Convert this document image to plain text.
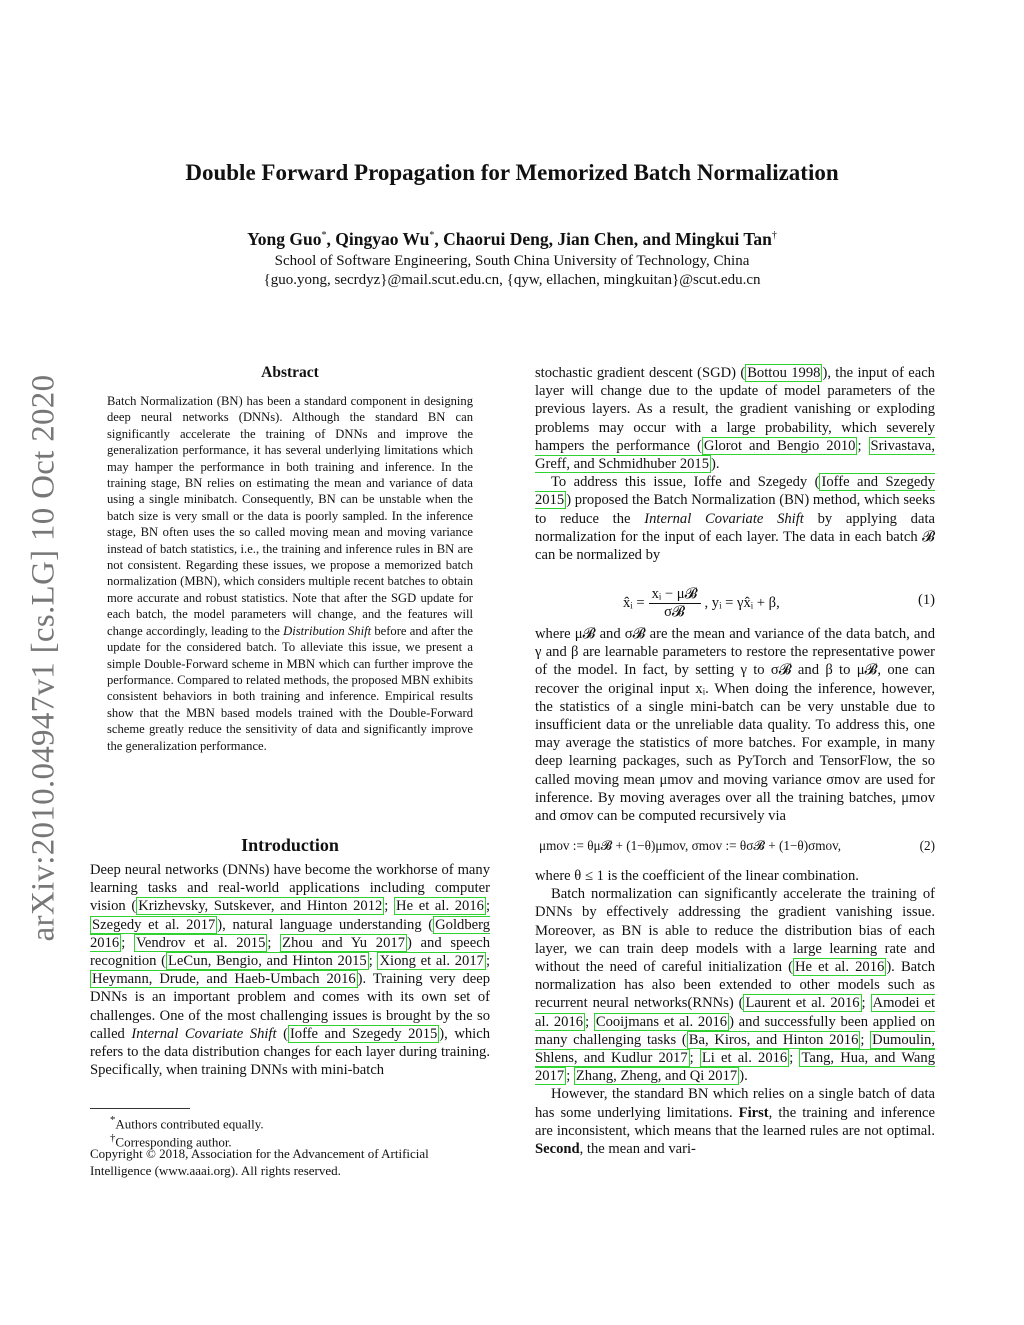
arXiv:2010.04947v1 [cs.LG] 10 Oct 2020
Double Forward Propagation for Memorized Batch Normalization
Yong Guo*, Qingyao Wu*, Chaorui Deng, Jian Chen, and Mingkui Tan†
School of Software Engineering, South China University of Technology, China
{guo.yong, secrdyz}@mail.scut.edu.cn, {qyw, ellachen, mingkuitan}@scut.edu.cn
Abstract
Batch Normalization (BN) has been a standard component in designing deep neural networks (DNNs). Although the standard BN can significantly accelerate the training of DNNs and improve the generalization performance, it has several underlying limitations which may hamper the performance in both training and inference. In the training stage, BN relies on estimating the mean and variance of data using a single minibatch. Consequently, BN can be unstable when the batch size is very small or the data is poorly sampled. In the inference stage, BN often uses the so called moving mean and moving variance instead of batch statistics, i.e., the training and inference rules in BN are not consistent. Regarding these issues, we propose a memorized batch normalization (MBN), which considers multiple recent batches to obtain more accurate and robust statistics. Note that after the SGD update for each batch, the model parameters will change, and the features will change accordingly, leading to the Distribution Shift before and after the update for the considered batch. To alleviate this issue, we present a simple Double-Forward scheme in MBN which can further improve the performance. Compared to related methods, the proposed MBN exhibits consistent behaviors in both training and inference. Empirical results show that the MBN based models trained with the Double-Forward scheme greatly reduce the sensitivity of data and significantly improve the generalization performance.
Introduction
Deep neural networks (DNNs) have become the workhorse of many learning tasks and real-world applications including computer vision ( Krizhevsky, Sutskever, and Hinton 2012 ; He et al. 2016 ; Szegedy et al. 2017 ), natural language understanding ( Goldberg 2016 ; Vendrov et al. 2015 ; Zhou and Yu 2017 ) and speech recognition ( LeCun, Bengio, and Hinton 2015 ; Xiong et al. 2017 ; Heymann, Drude, and Haeb-Umbach 2016 ). Training very deep DNNs is an important problem and comes with its own set of challenges. One of the most challenging issues is brought by the so called Internal Covariate Shift ( Ioffe and Szegedy 2015 ), which refers to the data distribution changes for each layer during training. Specifically, when training DNNs with mini-batch
*Authors contributed equally.
†Corresponding author.
Copyright © 2018, Association for the Advancement of Artificial Intelligence (www.aaai.org). All rights reserved.

stochastic gradient descent (SGD) ( Bottou 1998 ), the input of each layer will change due to the update of model parameters of the previous layers. As a result, the gradient vanishing or exploding problems may occur with a large probability, which severely hampers the performance ( Glorot and Bengio 2010 ; Srivastava, Greff, and Schmidhuber 2015 ).

To address this issue, Ioffe and Szegedy ( Ioffe and Szegedy 2015 ) proposed the Batch Normalization (BN) method, which seeks to reduce the Internal Covariate Shift by applying data normalization for the input of each layer. The data in each batch 𝓑 can be normalized by

x̂ᵢ = $\frac{\text{xᵢ − μ𝓑}}{\text{σ𝓑}}$ , yᵢ = γx̂ᵢ + β,	(1)

where μ𝓑 and σ𝓑 are the mean and variance of the data batch, and γ and β are learnable parameters to restore the representative power of the model. In fact, by setting γ to σ𝓑 and β to μ𝓑, one can recover the original input xᵢ. When doing the inference, however, the statistics of a single mini-batch can be very unstable due to insufficient data or the unreliable data quality. To address this, one may average the statistics of more batches. For example, in many deep learning packages, such as PyTorch and TensorFlow, the so called moving mean μmov and moving variance σmov are used for inference. By moving averages over all the training batches, μmov and σmov can be computed recursively via

μmov := θμ𝓑 + (1−θ)μmov, σmov := θσ𝓑 + (1−θ)σmov,	(2)

where θ ≤ 1 is the coefficient of the linear combination.

Batch normalization can significantly accelerate the training of DNNs by effectively addressing the gradient vanishing issue. Moreover, as BN is able to reduce the distribution bias of each layer, we can train deep models with a large learning rate and without the need of careful initialization ( He et al. 2016 ). Batch normalization has also been extended to other models such as recurrent neural networks(RNNs) ( Laurent et al. 2016 ; Amodei et al. 2016 ; Cooijmans et al. 2016 ) and successfully been applied on many challenging tasks ( Ba, Kiros, and Hinton 2016 ; Dumoulin, Shlens, and Kudlur 2017 ; Li et al. 2016 ; Tang, Hua, and Wang 2017 ; Zhang, Zheng, and Qi 2017 ).

However, the standard BN which relies on a single batch of data has some underlying limitations. First, the training and inference are inconsistent, which means that the learned rules are not optimal. Second, the mean and vari-
